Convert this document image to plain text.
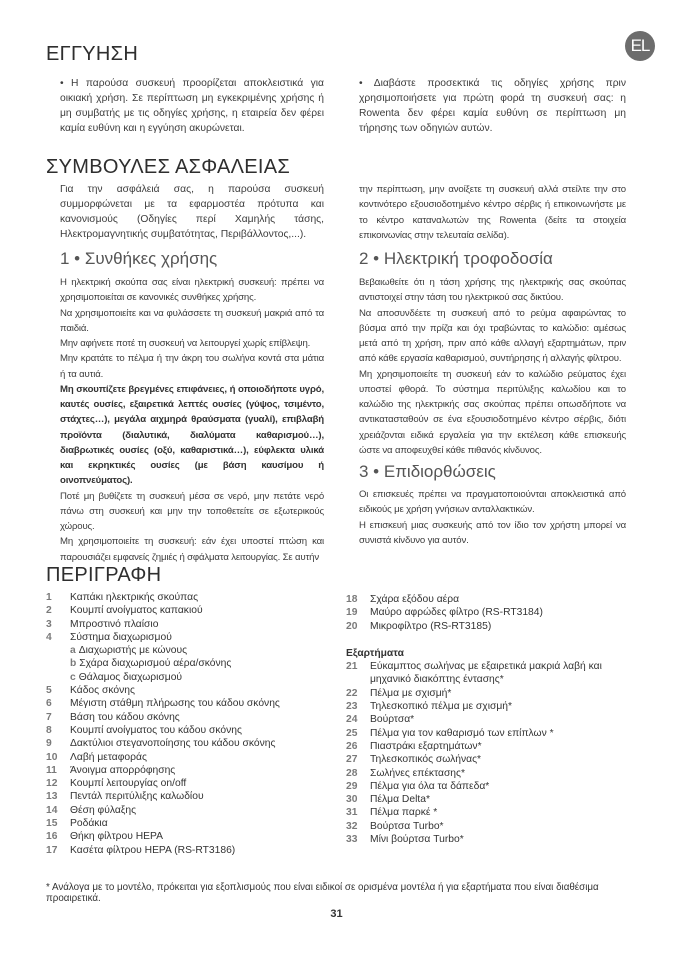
EL
ΕΓΓΥΗΣΗ
• Η παρούσα συσκευή προορίζεται αποκλειστικά για οικιακή χρήση. Σε περίπτωση μη εγκεκριμένης χρήσης ή μη συμβατής με τις οδηγίες χρήσης, η εταιρεία δεν φέρει καμία ευθύνη και η εγγύηση ακυρώνεται.
• Διαβάστε προσεκτικά τις οδηγίες χρήσης πριν χρησιμοποιήσετε για πρώτη φορά τη συσκευή σας: η Rowenta δεν φέρει καμία ευθύνη σε περίπτωση μη τήρησης των οδηγιών αυτών.
ΣΥΜΒΟΥΛΕΣ ΑΣΦΑΛΕΙΑΣ
Για την ασφάλειά σας, η παρούσα συσκευή συμμορφώνεται με τα εφαρμοστέα πρότυπα και κανονισμούς (Οδηγίες περί Χαμηλής τάσης, Ηλεκτρομαγνητικής συμβατότητας, Περιβάλλοντος,...).
την περίπτωση, μην ανοίξετε τη συσκευή αλλά στείλτε την στο κοντινότερο εξουσιοδοτημένο κέντρο σέρβις ή επικοινωνήστε με το κέντρο καταναλωτών της Rowenta (δείτε τα στοιχεία επικοινωνίας στην τελευταία σελίδα).
1 • Συνθήκες χρήσης

Η ηλεκτρική σκούπα σας είναι ηλεκτρική συσκευή: πρέπει να χρησιμοποιείται σε κανονικές συνθήκες χρήσης.

Να χρησιμοποιείτε και να φυλάσσετε τη συσκευή μακριά από τα παιδιά.

Μην αφήνετε ποτέ τη συσκευή να λειτουργεί χωρίς επίβλεψη.

Μην κρατάτε το πέλμα ή την άκρη του σωλήνα κοντά στα μάτια ή τα αυτιά.

Μη σκουπίζετε βρεγμένες επιφάνειες, ή οποιοδήποτε υγρό, καυτές ουσίες, εξαιρετικά λεπτές ουσίες (γύψος, τσιμέντο, στάχτες…), μεγάλα αιχμηρά θραύσματα (γυαλί), επιβλαβή προϊόντα (διαλυτικά, διαλύματα καθαρισμού…), διαβρωτικές ουσίες (οξύ, καθαριστικά…), εύφλεκτα υλικά και εκρηκτικές ουσίες (με βάση καυσίμου ή οινοπνεύματος).

Ποτέ μη βυθίζετε τη συσκευή μέσα σε νερό, μην πετάτε νερό πάνω στη συσκευή και μην την τοποθετείτε σε εξωτερικούς χώρους.

Μη χρησιμοποιείτε τη συσκευή: εάν έχει υποστεί πτώση και παρουσιάζει εμφανείς ζημιές ή σφάλματα λειτουργίας. Σε αυτήν

2 • Ηλεκτρική τροφοδοσία

Βεβαιωθείτε ότι η τάση χρήσης της ηλεκτρικής σας σκούπας αντιστοιχεί στην τάση του ηλεκτρικού σας δικτύου.

Να αποσυνδέετε τη συσκευή από το ρεύμα αφαιρώντας το βύσμα από την πρίζα και όχι τραβώντας το καλώδιο: αμέσως μετά από τη χρήση, πριν από κάθε αλλαγή εξαρτημάτων, πριν από κάθε εργασία καθαρισμού, συντήρησης ή αλλαγής φίλτρου.

Μη χρησιμοποιείτε τη συσκευή εάν το καλώδιο ρεύματος έχει υποστεί φθορά. Το σύστημα περιτύλιξης καλωδίου και το καλώδιο της ηλεκτρικής σας σκούπας πρέπει οπωσδήποτε να αντικατασταθούν σε ένα εξουσιοδοτημένο κέντρο σέρβις, διότι χρειάζονται ειδικά εργαλεία για την εκτέλεση κάθε επισκευής ώστε να αποφευχθεί κάθε πιθανός κίνδυνος.

3 • Επιδιορθώσεις

Οι επισκευές πρέπει να πραγματοποιούνται αποκλειστικά από ειδικούς με χρήση γνήσιων ανταλλακτικών.

Η επισκευή μιας συσκευής από τον ίδιο τον χρήστη μπορεί να συνιστά κίνδυνο για αυτόν.

ΠΕΡΙΓΡΑΦΗ
1	Καπάκι ηλεκτρικής σκούπας
2	Κουμπί ανοίγματος καπακιού
3	Μπροστινό πλαίσιο
4	Σύστημα διαχωρισμού
a Διαχωριστής με κώνους
b Σχάρα διαχωρισμού αέρα/σκόνης
c Θάλαμος διαχωρισμού
5	Κάδος σκόνης
6	Μέγιστη στάθμη πλήρωσης του κάδου σκόνης
7	Βάση του κάδου σκόνης
8	Κουμπί ανοίγματος του κάδου σκόνης
9	Δακτύλιοι στεγανοποίησης του κάδου σκόνης
10	Λαβή μεταφοράς
11	Άνοιγμα απορρόφησης
12	Κουμπί λειτουργίας on/off
13	Πεντάλ περιτύλιξης καλωδίου
14	Θέση φύλαξης
15	Ροδάκια
16	Θήκη φίλτρου HEPA
17	Κασέτα φίλτρου HEPA (RS-RT3186)
18	Σχάρα εξόδου αέρα
19	Μαύρο αφρώδες φίλτρο (RS-RT3184)
20	Μικροφίλτρο (RS-RT3185)
Εξαρτήματα
21	Εύκαμπτος σωλήνας με εξαιρετικά μακριά λαβή και μηχανικό διακόπτης έντασης*
22	Πέλμα με σχισμή*
23	Τηλεσκοπικό πέλμα με σχισμή*
24	Βούρτσα*
25	Πέλμα για τον καθαρισμό των επίπλων *
26	Πιαστράκι εξαρτημάτων*
27	Τηλεσκοπικός σωλήνας*
28	Σωλήνες επέκτασης*
29	Πέλμα για όλα τα δάπεδα*
30	Πέλμα Delta*
31	Πέλμα παρκέ *
32	Βούρτσα Turbo*
33	Μίνι βούρτσα Turbo*
* Ανάλογα με το μοντέλο, πρόκειται για εξοπλισμούς που είναι ειδικοί σε ορισμένα μοντέλα ή για εξαρτήματα που είναι διαθέσιμα προαιρετικά.
31
